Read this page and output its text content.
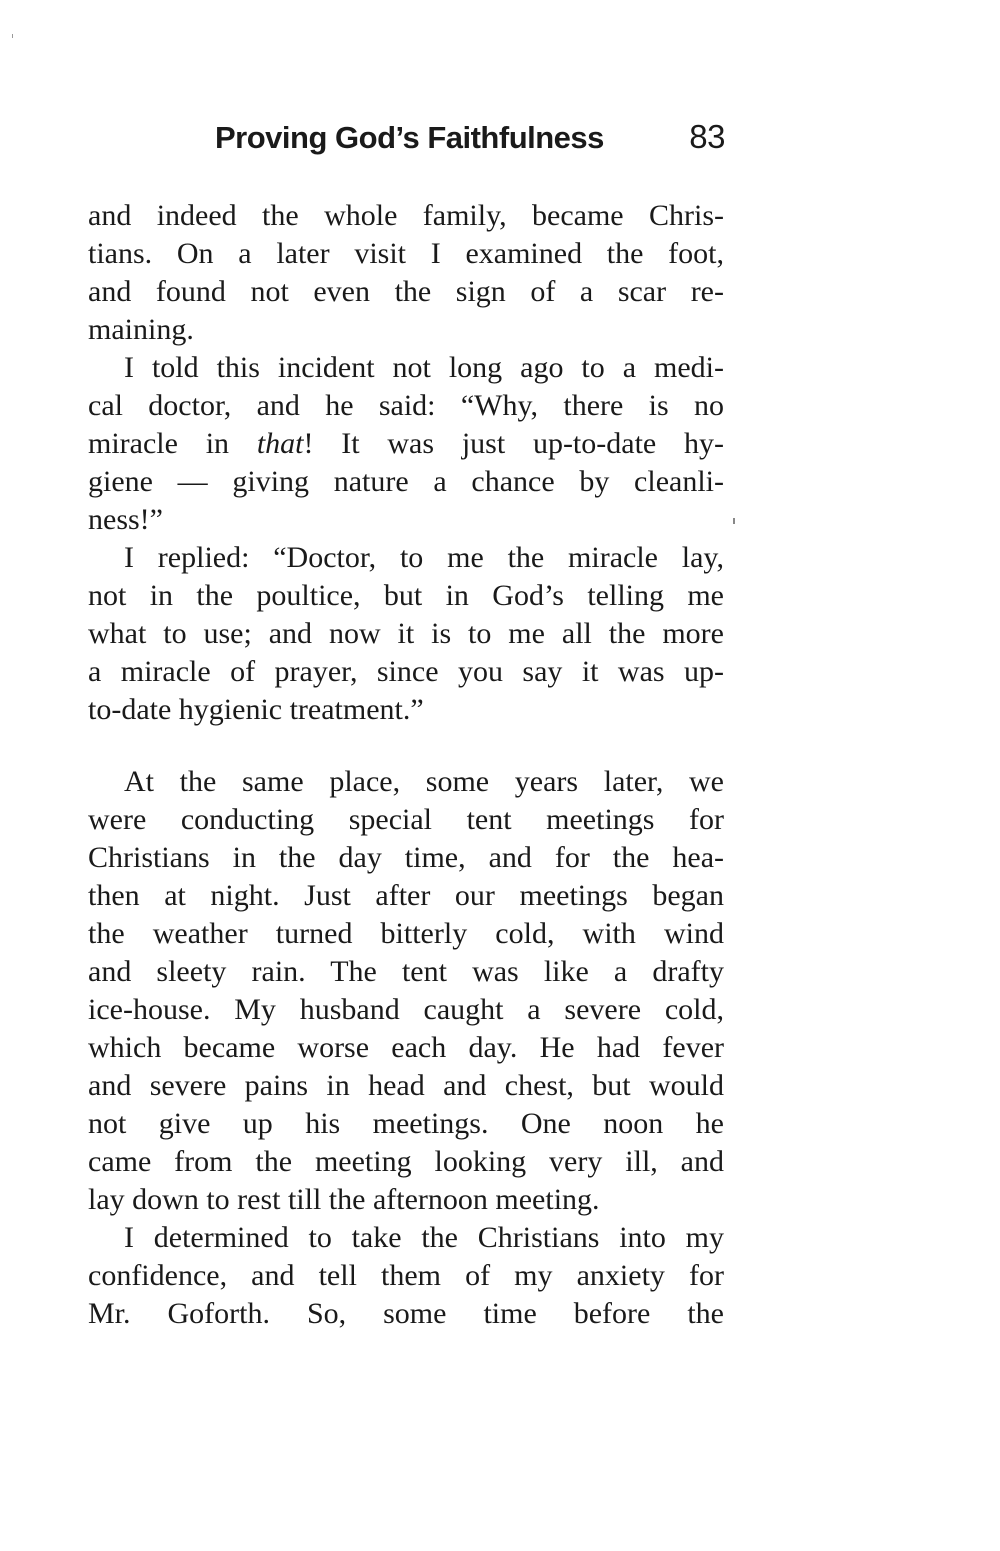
Proving God’s Faithfulness	83

and indeed the whole family, became Chris-
tians. On a later visit I examined the foot,
and found not even the sign of a scar re-
maining.

I told this incident not long ago to a medi-
cal doctor, and he said: “Why, there is no
miracle in that! It was just up-to-date hy-
giene — giving nature a chance by cleanli-
ness!”

I replied: “Doctor, to me the miracle lay,
not in the poultice, but in God’s telling me
what to use; and now it is to me all the more
a miracle of prayer, since you say it was up-
to-date hygienic treatment.”

At the same place, some years later, we
were conducting special tent meetings for
Christians in the day time, and for the hea-
then at night. Just after our meetings began
the weather turned bitterly cold, with wind
and sleety rain. The tent was like a drafty
ice-house. My husband caught a severe cold,
which became worse each day. He had fever
and severe pains in head and chest, but would
not give up his meetings. One noon he
came from the meeting looking very ill, and
lay down to rest till the afternoon meeting.

I determined to take the Christians into my
confidence, and tell them of my anxiety for
Mr. Goforth. So, some time before the
